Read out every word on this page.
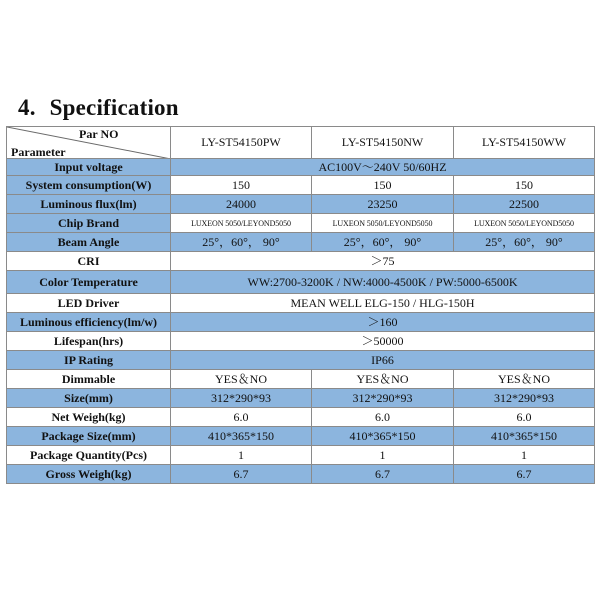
4. Specification
Par NO
Parameter	LY-ST54150PW	LY-ST54150NW	LY-ST54150WW
Input voltage	AC100V～240V 50/60HZ		
System consumption(W)	150	150	150
Luminous flux(lm)	24000	23250	22500
Chip Brand	LUXEON 5050/LEYOND5050	LUXEON 5050/LEYOND5050	LUXEON 5050/LEYOND5050
Beam Angle	25°，60°， 90°	25°，60°， 90°	25°，60°， 90°
CRI	＞75		
Color Temperature	WW:2700-3200K / NW:4000-4500K / PW:5000-6500K		
LED Driver	MEAN WELL ELG-150 / HLG-150H		
Luminous efficiency(lm/w)	＞160		
Lifespan(hrs)	＞50000		
IP Rating	IP66		
Dimmable	YES＆NO	YES＆NO	YES＆NO
Size(mm)	312*290*93	312*290*93	312*290*93
Net Weigh(kg)	6.0	6.0	6.0
Package Size(mm)	410*365*150	410*365*150	410*365*150
Package Quantity(Pcs)	1	1	1
Gross Weigh(kg)	6.7	6.7	6.7
